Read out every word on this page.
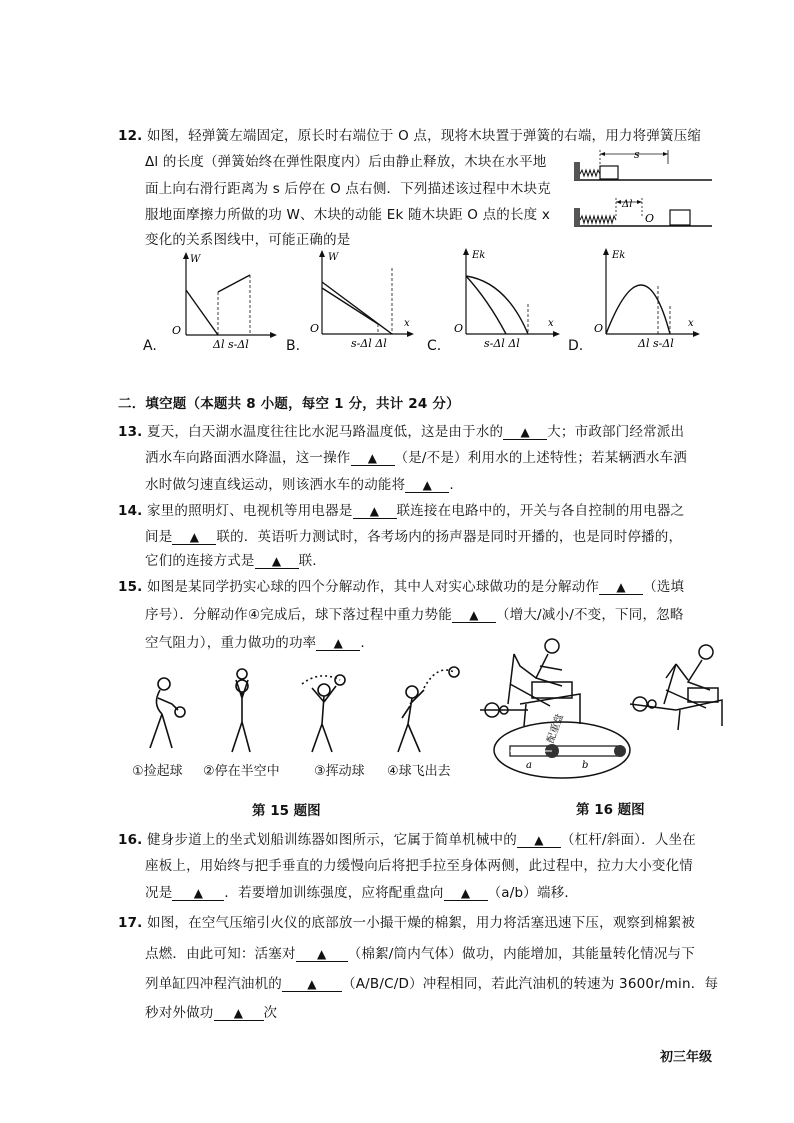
12. 如图，轻弹簧左端固定，原长时右端位于 O 点，现将木块置于弹簧的右端，用力将弹簧压缩
Δl 的长度（弹簧始终在弹性限度内）后由静止释放，木块在水平地
面上向右滑行距离为 s 后停在 O 点右侧．下列描述该过程中木块克
服地面摩擦力所做的功 W、木块的动能 Ek 随木块距 O 点的长度 x
变化的关系图线中，可能正确的是
s
Δl
O
A.
W
O
Δl s-Δl	B.
W
O	x
s-Δl Δl	C.
Ek
O	x
s-Δl Δl	D.
Ek
O	x
Δl s-Δl
二．填空题（本题共 8 小题，每空 1 分，共计 24 分）
13. 夏天，白天湖水温度往往比水泥马路温度低，这是由于水的 ▲ 大；市政部门经常派出
洒水车向路面洒水降温，这一操作 ▲ （是/不是）利用水的上述特性；若某辆洒水车洒
水时做匀速直线运动，则该洒水车的动能将 ▲ .
14. 家里的照明灯、电视机等用电器是 ▲ 联连接在电路中的，开关与各自控制的用电器之
间是 ▲ 联的．英语听力测试时，各考场内的扬声器是同时开播的，也是同时停播的，
它们的连接方式是 ▲ 联.
15. 如图是某同学扔实心球的四个分解动作，其中人对实心球做功的是分解动作 ▲ （选填
序号）．分解动作④完成后，球下落过程中重力势能 ▲ （增大/减小/不变，下同，忽略
空气阻力），重力做功的功率 ▲ .
①捡起球 ②停在半空中	③挥动球 ④球飞出去
第 15 题图
配重盘
a	b
第 16 题图
16. 健身步道上的坐式划船训练器如图所示，它属于简单机械中的 ▲ （杠杆/斜面）．人坐在
座板上，用始终与把手垂直的力缓慢向后将把手拉至身体两侧，此过程中，拉力大小变化情
况是 ▲ ．若要增加训练强度，应将配重盘向 ▲ （a/b）端移．
17. 如图，在空气压缩引火仪的底部放一小撮干燥的棉絮，用力将活塞迅速下压，观察到棉絮被
点燃．由此可知：活塞对 ▲ （棉絮/筒内气体）做功，内能增加，其能量转化情况与下
列单缸四冲程汽油机的 ▲ （A/B/C/D）冲程相同，若此汽油机的转速为 3600r/min．每
秒对外做功 ▲ 次
初三年级
